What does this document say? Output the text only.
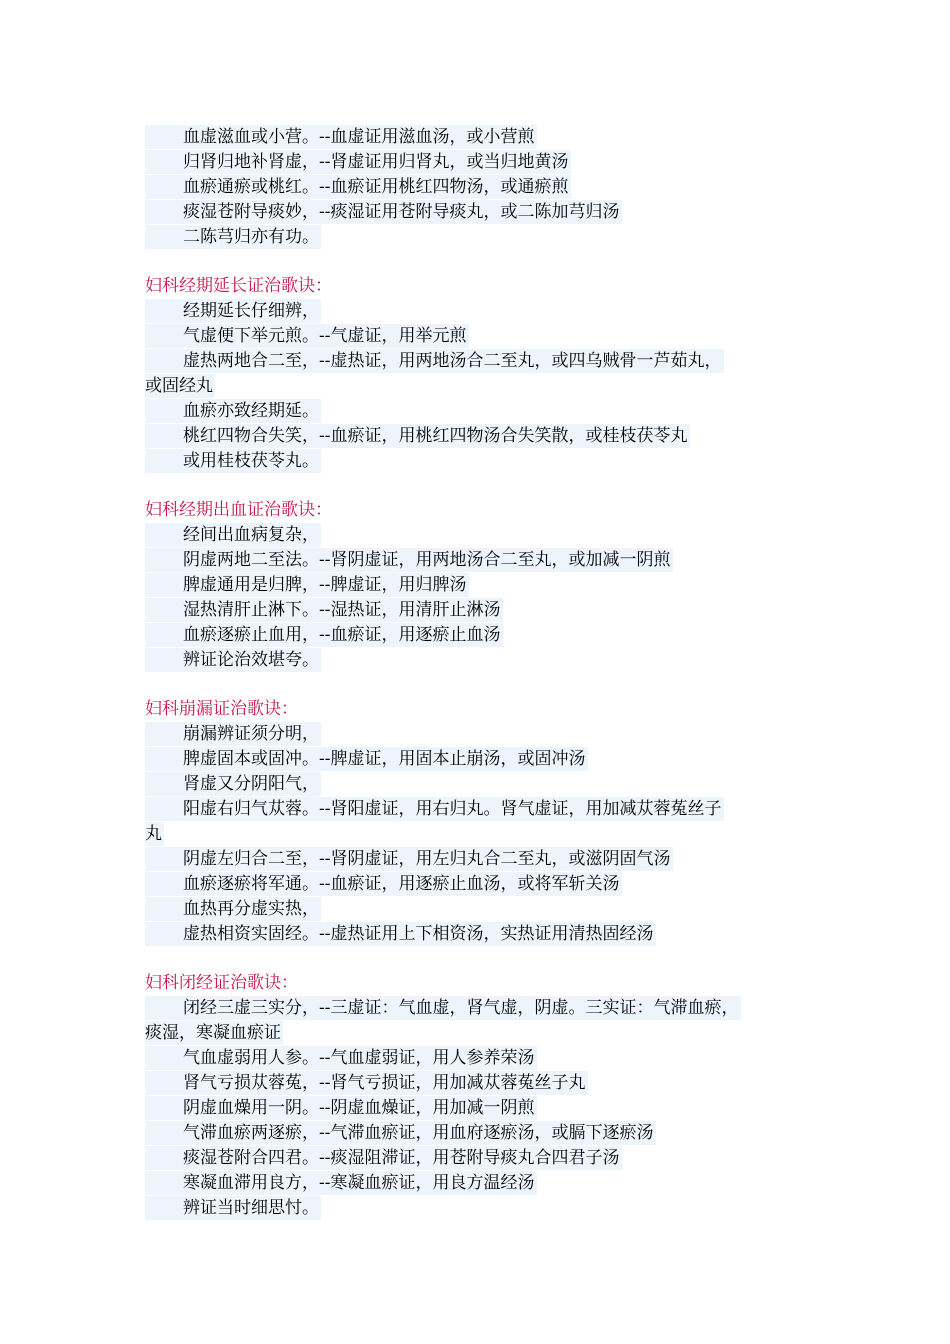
血虚滋血或小营。--血虚证用滋血汤，或小营煎
归肾归地补肾虚，--肾虚证用归肾丸，或当归地黄汤
血瘀通瘀或桃红。--血瘀证用桃红四物汤，或通瘀煎
痰湿苍附导痰妙，--痰湿证用苍附导痰丸，或二陈加芎归汤
二陈芎归亦有功。
妇科经期延长证治歌诀：
经期延长仔细辨，
气虚便下举元煎。--气虚证，用举元煎
虚热两地合二至，--虚热证，用两地汤合二至丸，或四乌贼骨一芦茹丸，
或固经丸
血瘀亦致经期延。
桃红四物合失笑，--血瘀证，用桃红四物汤合失笑散，或桂枝茯苓丸
或用桂枝茯苓丸。
妇科经期出血证治歌诀：
经间出血病复杂，
阴虚两地二至法。--肾阴虚证，用两地汤合二至丸，或加减一阴煎
脾虚通用是归脾，--脾虚证，用归脾汤
湿热清肝止淋下。--湿热证，用清肝止淋汤
血瘀逐瘀止血用，--血瘀证，用逐瘀止血汤
辨证论治效堪夸。
妇科崩漏证治歌诀：
崩漏辨证须分明，
脾虚固本或固冲。--脾虚证，用固本止崩汤，或固冲汤
肾虚又分阴阳气，
阳虚右归气苁蓉。--肾阳虚证，用右归丸。肾气虚证，用加减苁蓉菟丝子
丸
阴虚左归合二至，--肾阴虚证，用左归丸合二至丸，或滋阴固气汤
血瘀逐瘀将军通。--血瘀证，用逐瘀止血汤，或将军斩关汤
血热再分虚实热，
虚热相资实固经。--虚热证用上下相资汤，实热证用清热固经汤
妇科闭经证治歌诀：
闭经三虚三实分，--三虚证：气血虚，肾气虚，阴虚。三实证：气滞血瘀，
痰湿，寒凝血瘀证
气血虚弱用人参。--气血虚弱证，用人参养荣汤
肾气亏损苁蓉菟，--肾气亏损证，用加减苁蓉菟丝子丸
阴虚血燥用一阴。--阴虚血燥证，用加减一阴煎
气滞血瘀两逐瘀，--气滞血瘀证，用血府逐瘀汤，或膈下逐瘀汤
痰湿苍附合四君。--痰湿阻滞证，用苍附导痰丸合四君子汤
寒凝血滞用良方，--寒凝血瘀证，用良方温经汤
辨证当时细思忖。
